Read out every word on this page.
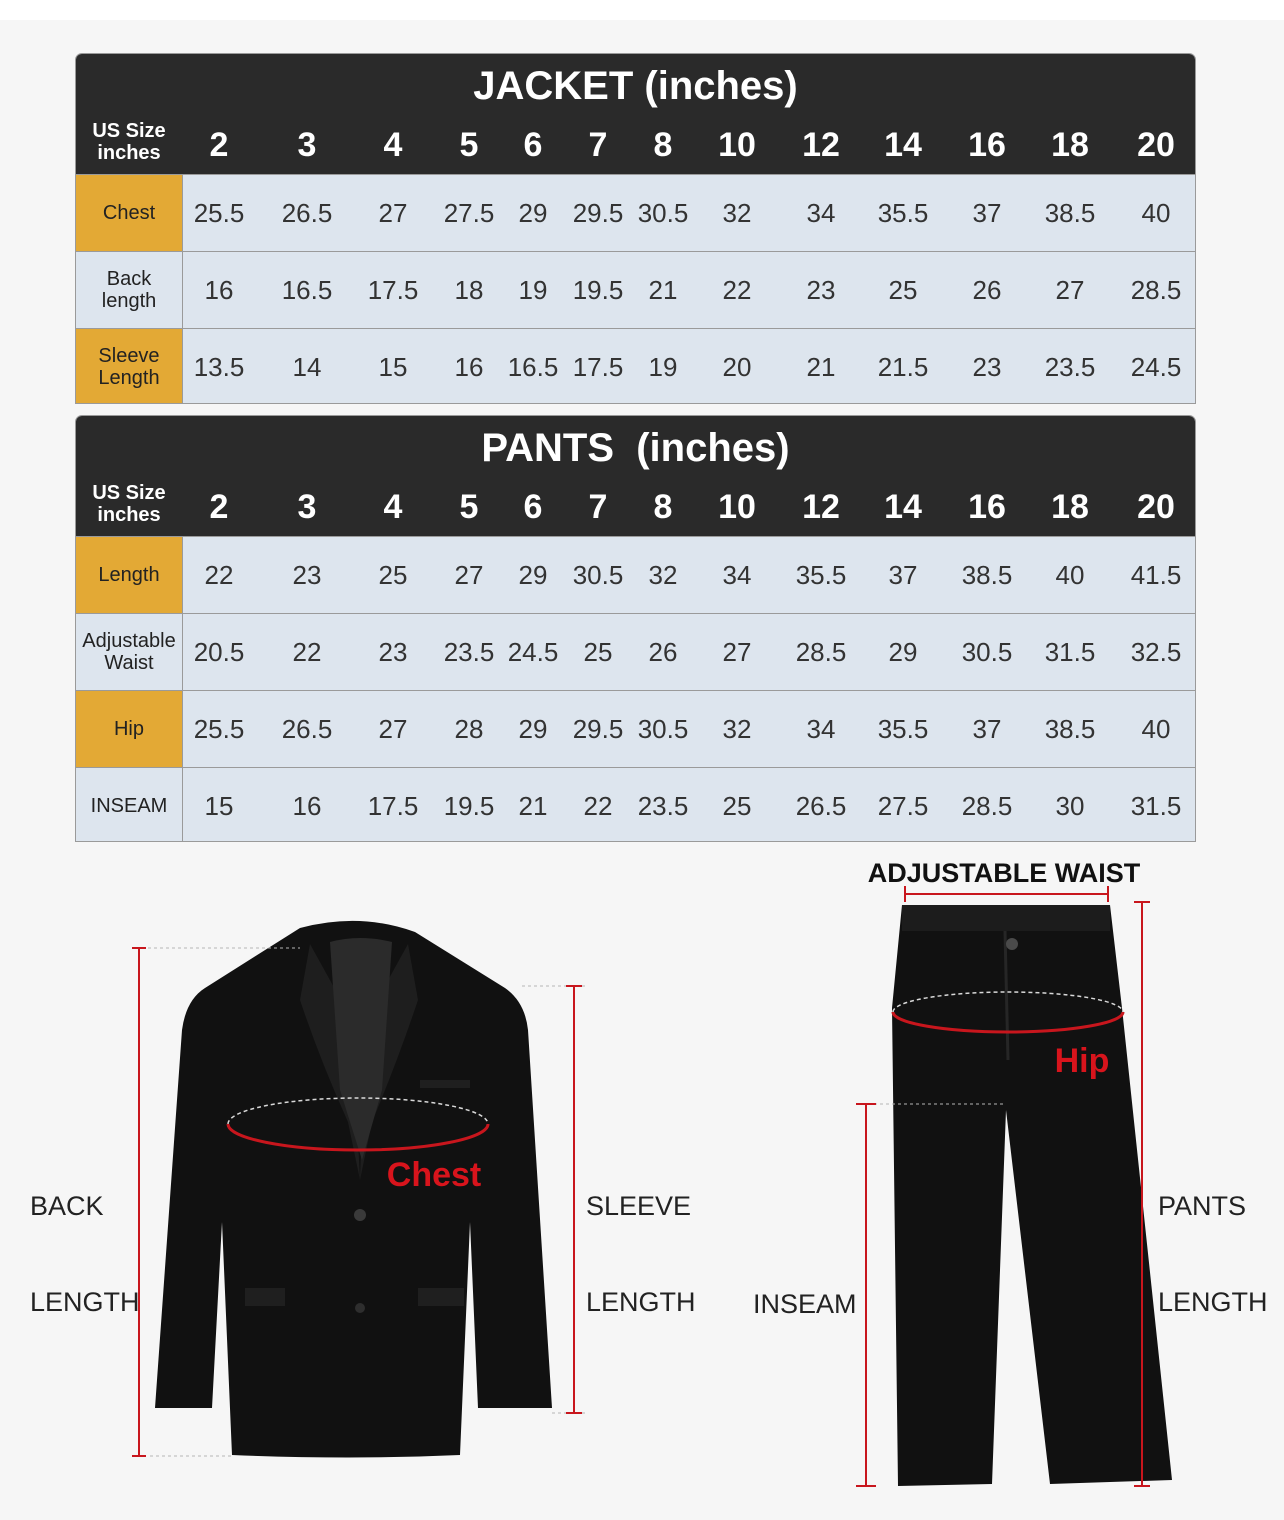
JACKET (inches)
US Size
inches	2	3	4	5	6	7	8	10	12	14	16	18	20
Chest	25.5	26.5	27	27.5 29 29.5 30.5	32	34	35.5	37	38.5	40
Back
length	16	16.5	17.5	18	19 19.5 21	22	23	25	26	27	28.5
Sleeve
Length	13.5	14	15	16 16.5 17.5 19	20	21	21.5	23	23.5	24.5
PANTS  (inches)
US Size
inches	2	3	4	5	6	7	8	10	12	14	16	18	20
Length	22	23	25	27	29 30.5 32	34	35.5	37	38.5	40	41.5
Adjustable
Waist	20.5	22	23	23.5 24.5 25	26	27	28.5	29	30.5	31.5	32.5
Hip	25.5	26.5	27	28	29 29.5 30.5	32	34	35.5	37	38.5	40
INSEAM	15	16	17.5 19.5 21	22 23.5	25	26.5	27.5	28.5	30	31.5
Chest
Hip
ADJUSTABLE WAIST

BACK

LENGTH

SLEEVE

LENGTH

PANTS

LENGTH

INSEAM
